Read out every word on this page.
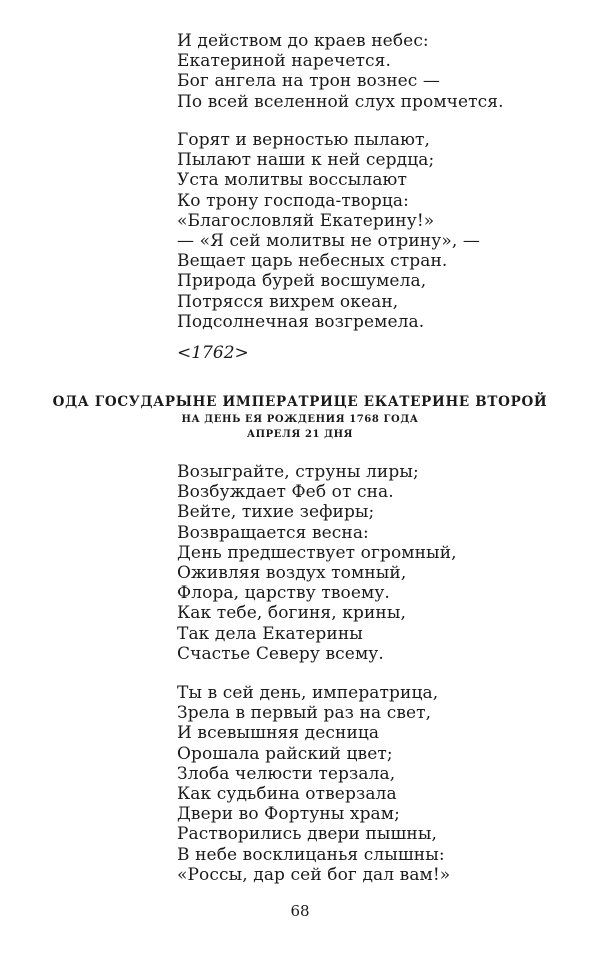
И действом до краев небес:
Екатериной наречется.
Бог ангела на трон вознес —
По всей вселенной слух промчется.
Горят и верностью пылают,
Пылают наши к ней сердца;
Уста молитвы воссылают
Ко трону господа-творца:
«Благословляй Екатерину!»
— «Я сей молитвы не отрину», —
Вещает царь небесных стран.
Природа бурей восшумела,
Потрясся вихрем океан,
Подсолнечная возгремела.
<1762>
ОДА ГОСУДАРЫНЕ ИМПЕРАТРИЦЕ ЕКАТЕРИНЕ ВТОРОЙ
НА ДЕНЬ ЕЯ РОЖДЕНИЯ 1768 ГОДА
АПРЕЛЯ 21 ДНЯ
Возыграйте, струны лиры;
Возбуждает Феб от сна.
Вейте, тихие зефиры;
Возвращается весна:
День предшествует огромный,
Оживляя воздух томный,
Флора, царству твоему.
Как тебе, богиня, крины,
Так дела Екатерины
Счастье Северу всему.
Ты в сей день, императрица,
Зрела в первый раз на свет,
И всевышняя десница
Орошала райский цвет;
Злоба челюсти терзала,
Как судьбина отверзала
Двери во Фортуны храм;
Растворились двери пышны,
В небе восклицанья слышны:
«Россы, дар сей бог дал вам!»
68
